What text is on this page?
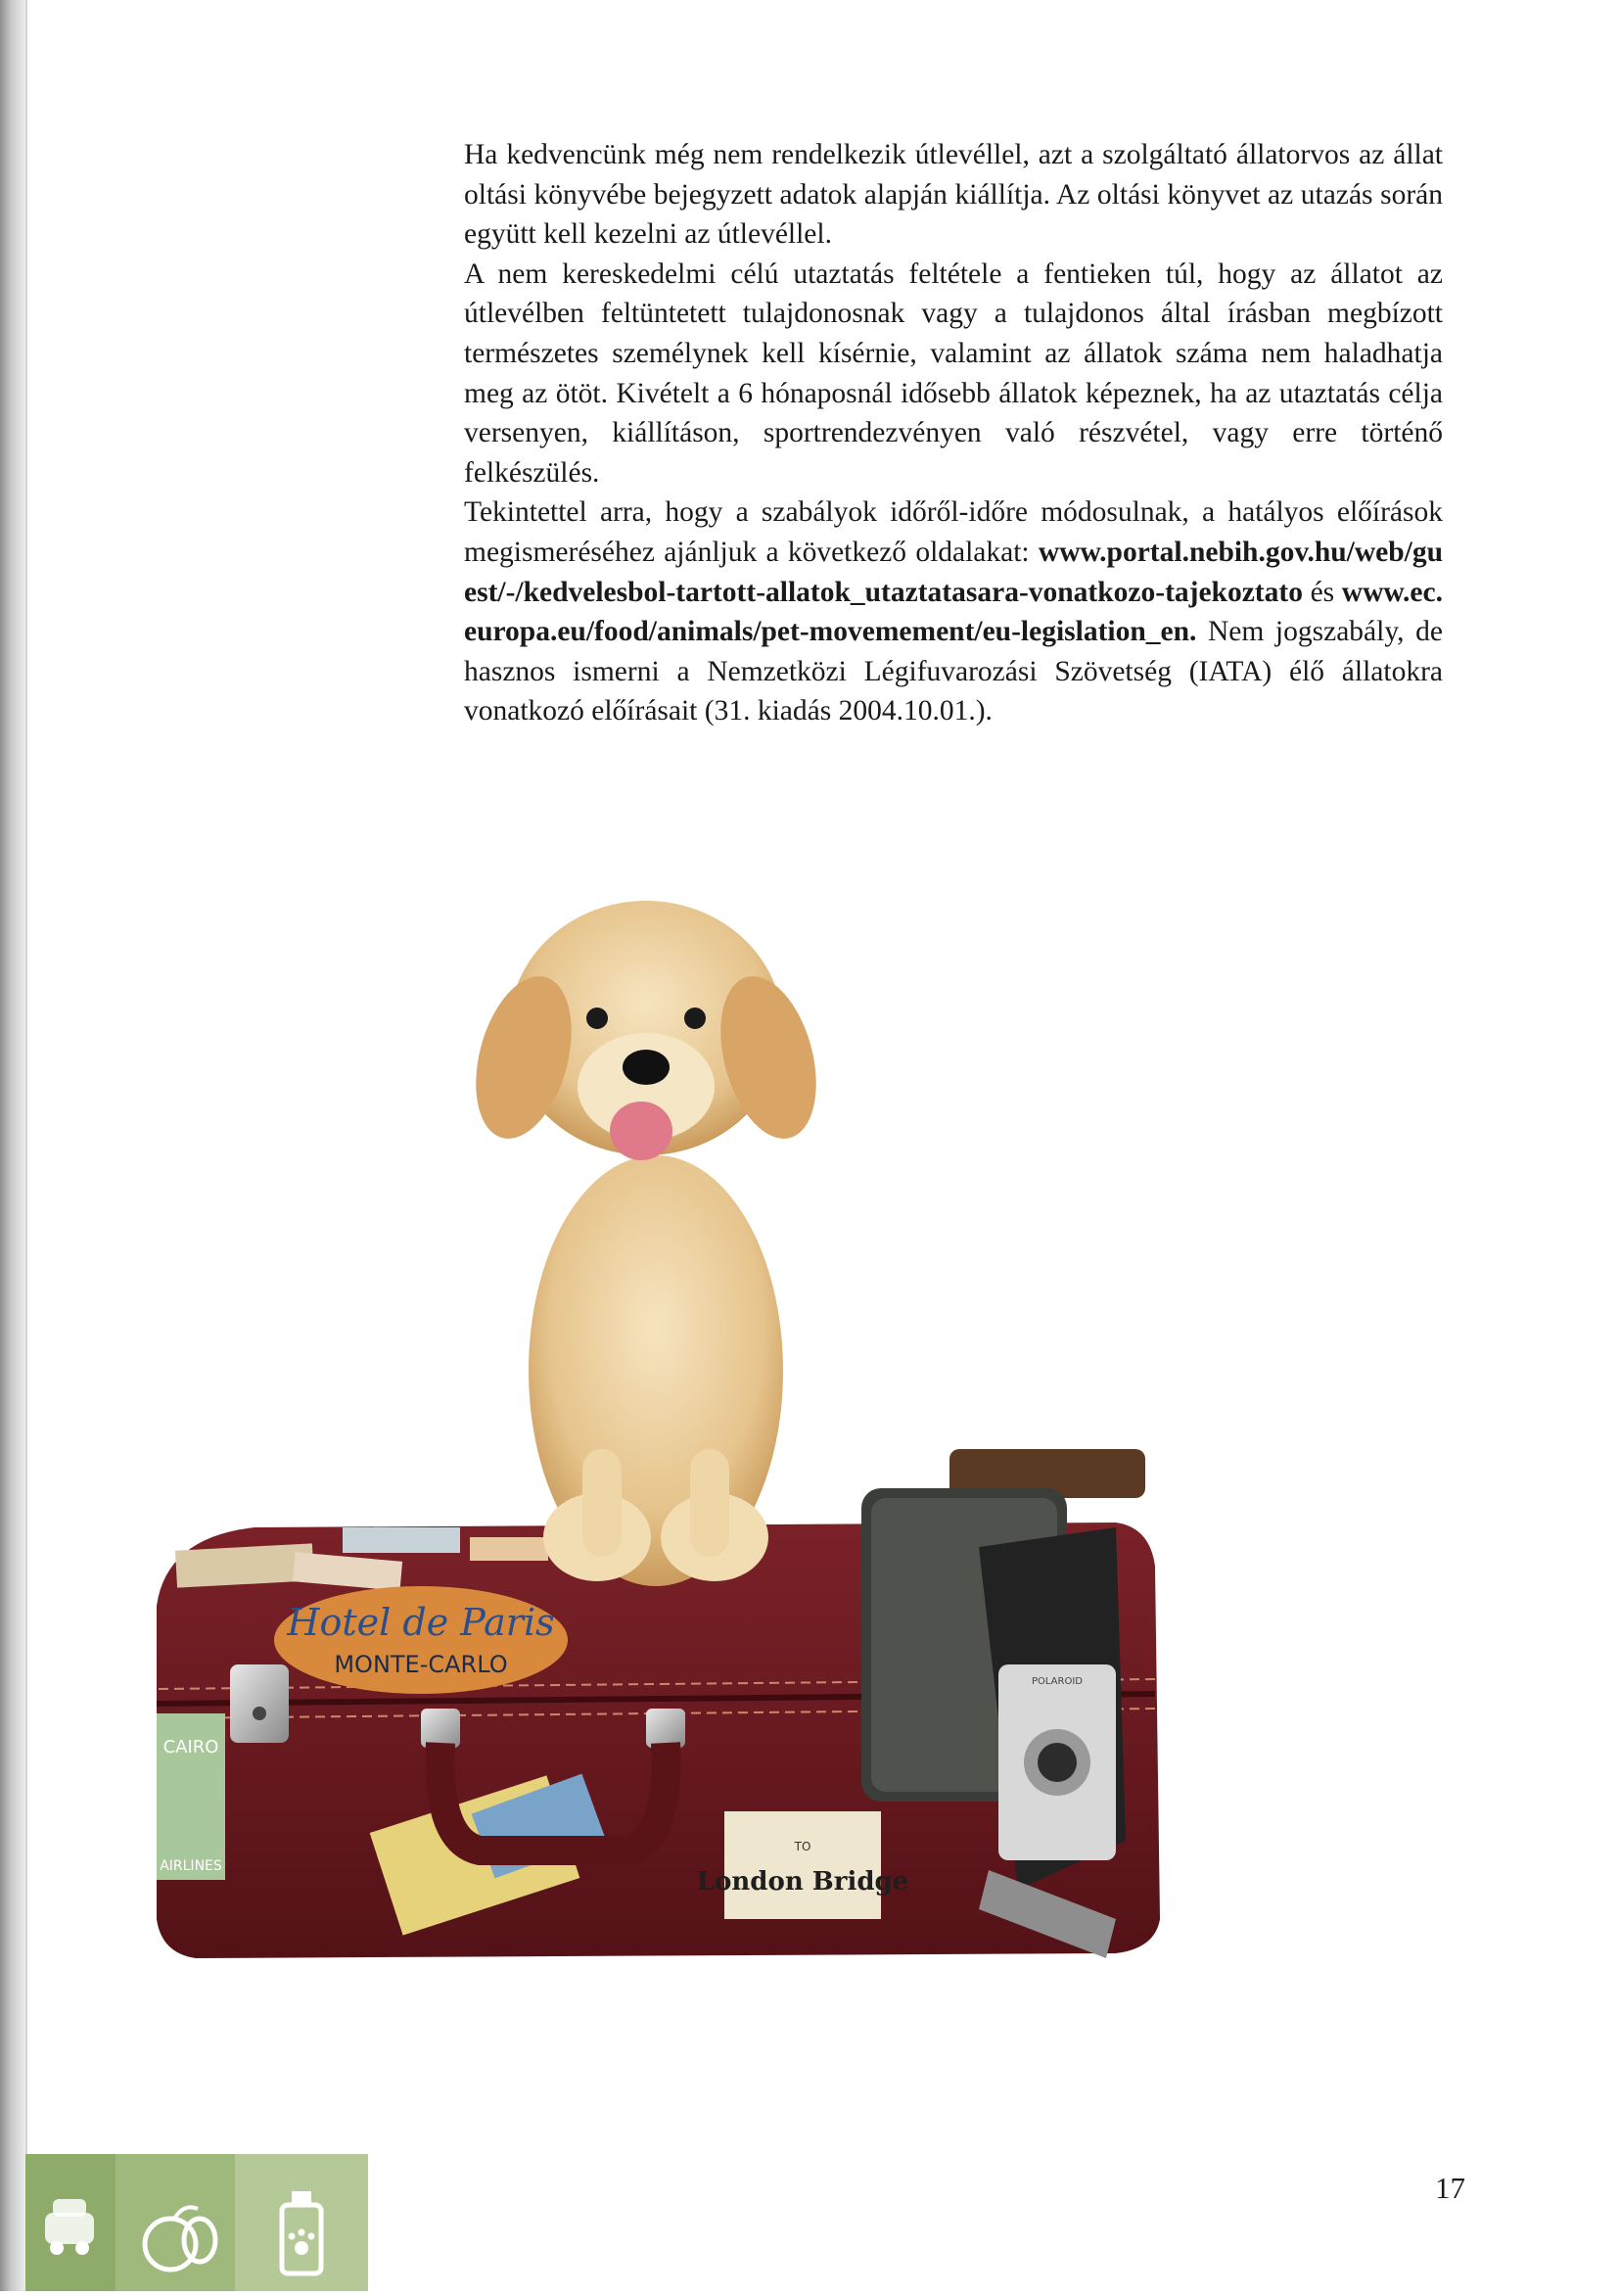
Ha kedvencünk még nem rendelkezik útlevéllel, azt a szolgáltató állatorvos az állat oltási könyvébe bejegyzett adatok alapján kiállítja. Az oltási könyvet az utazás során együtt kell kezelni az útlevéllel.

A nem kereskedelmi célú utaztatás feltétele a fentieken túl, hogy az állatot az útlevélben feltüntetett tulajdonosnak vagy a tulajdonos által írásban megbízott természetes személynek kell kísérnie, valamint az állatok száma nem haladhatja meg az ötöt. Kivételt a 6 hónaposnál idősebb állatok képeznek, ha az utaztatás célja versenyen, kiállításon, sportrendezvényen való részvétel, vagy erre történő felkészülés.

Tekintettel arra, hogy a szabályok időről-időre módosulnak, a hatályos előírások megismeréséhez ajánljuk a következő oldalakat: www.portal.nebih.gov.hu/web/guest/-/kedvelesbol-tartott-allatok_utaztatasara-vonatkozo-tajekoztato és www.ec.europa.eu/food/animals/pet-movemement/eu-legislation_en. Nem jogszabály, de hasznos ismerni a Nemzetközi Légifuvarozási Szövetség (IATA) élő állatokra vonatkozó előírásait (31. kiadás 2004.10.01.).

Hotel de Paris
MONTE-CARLO
CAIRO
AIRLINES
TO
London Bridge
POLAROID
17
